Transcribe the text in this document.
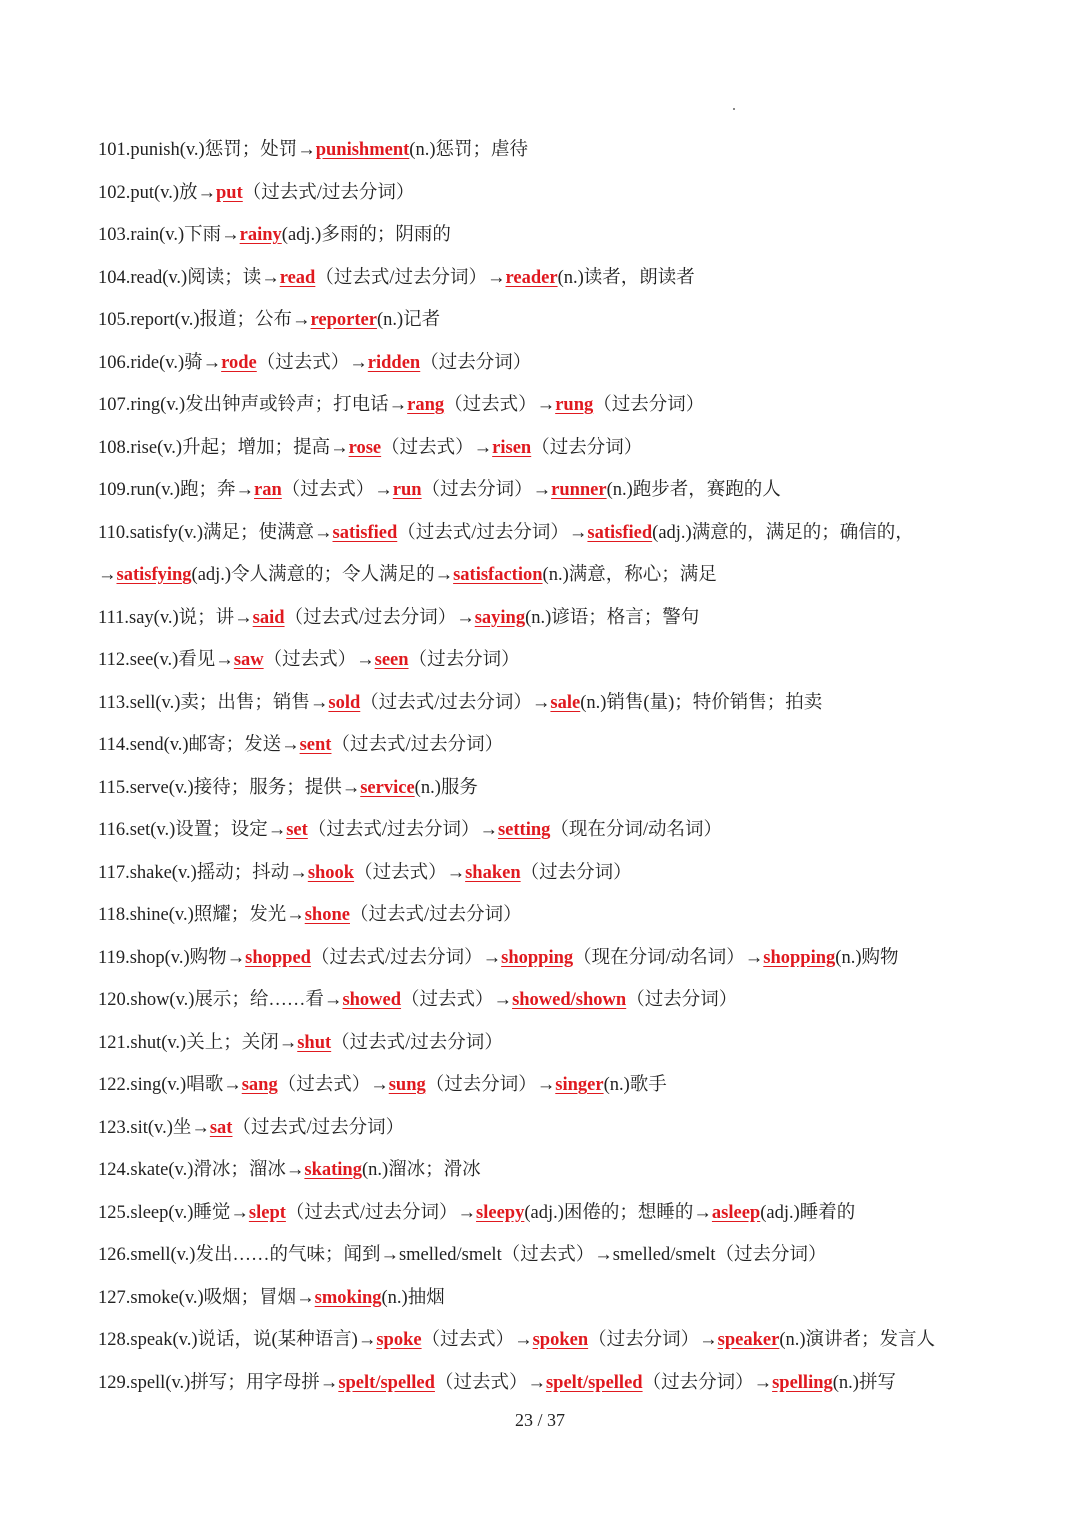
101.punish(v.)惩罚；处罚→punishment(n.)惩罚；虐待
102.put(v.)放→put（过去式/过去分词）
103.rain(v.)下雨→rainy(adj.)多雨的；阴雨的
104.read(v.)阅读；读→read（过去式/过去分词）→reader(n.)读者，朗读者
105.report(v.)报道；公布→reporter(n.)记者
106.ride(v.)骑→rode（过去式）→ridden（过去分词）
107.ring(v.)发出钟声或铃声；打电话→rang（过去式）→rung（过去分词）
108.rise(v.)升起；增加；提高→rose（过去式）→risen（过去分词）
109.run(v.)跑；奔→ran（过去式）→run（过去分词）→runner(n.)跑步者，赛跑的人
110.satisfy(v.)满足；使满意→satisfied（过去式/过去分词）→satisfied(adj.)满意的，满足的；确信的，
→satisfying(adj.)令人满意的；令人满足的→satisfaction(n.)满意，称心；满足
111.say(v.)说；讲→said（过去式/过去分词）→saying(n.)谚语；格言；警句
112.see(v.)看见→saw（过去式）→seen（过去分词）
113.sell(v.)卖；出售；销售→sold（过去式/过去分词）→sale(n.)销售(量)；特价销售；拍卖
114.send(v.)邮寄；发送→sent（过去式/过去分词）
115.serve(v.)接待；服务；提供→service(n.)服务
116.set(v.)设置；设定→set（过去式/过去分词）→setting（现在分词/动名词）
117.shake(v.)摇动；抖动→shook（过去式）→shaken（过去分词）
118.shine(v.)照耀；发光→shone（过去式/过去分词）
119.shop(v.)购物→shopped（过去式/过去分词）→shopping（现在分词/动名词）→shopping(n.)购物
120.show(v.)展示；给……看→showed（过去式）→showed/shown（过去分词）
121.shut(v.)关上；关闭→shut（过去式/过去分词）
122.sing(v.)唱歌→sang（过去式）→sung（过去分词）→singer(n.)歌手
123.sit(v.)坐→sat（过去式/过去分词）
124.skate(v.)滑冰；溜冰→skating(n.)溜冰；滑冰
125.sleep(v.)睡觉→slept（过去式/过去分词）→sleepy(adj.)困倦的；想睡的→asleep(adj.)睡着的
126.smell(v.)发出……的气味；闻到→smelled/smelt（过去式）→smelled/smelt（过去分词）
127.smoke(v.)吸烟；冒烟→smoking(n.)抽烟
128.speak(v.)说话，说(某种语言)→spoke（过去式）→spoken（过去分词）→speaker(n.)演讲者；发言人
129.spell(v.)拼写；用字母拼→spelt/spelled（过去式）→spelt/spelled（过去分词）→spelling(n.)拼写
23 / 37
